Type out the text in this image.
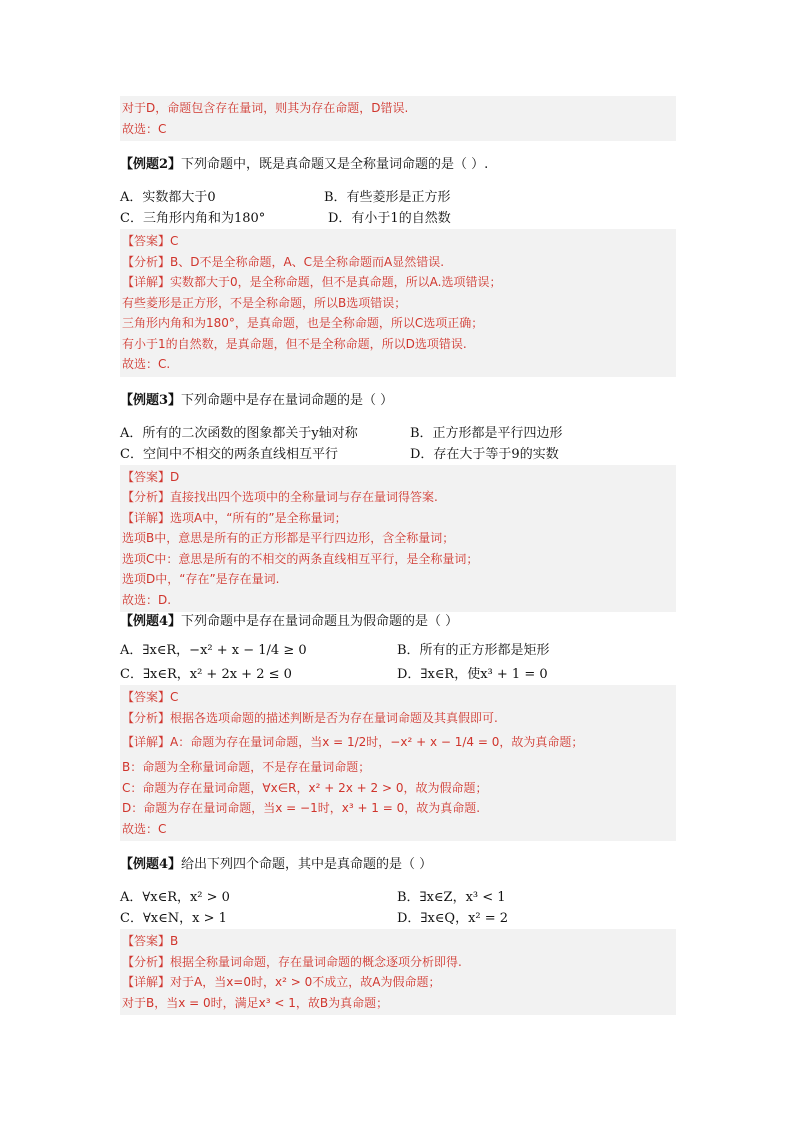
对于D，命题包含存在量词，则其为存在命题，D错误.
故选：C
【例题2】下列命题中，既是真命题又是全称量词命题的是（ ）.
A．实数都大于0	B．有些菱形是正方形
C．三角形内角和为180°	D．有小于1的自然数
【答案】C
【分析】B、D不是全称命题，A、C是全称命题而A显然错误.
【详解】实数都大于0，是全称命题，但不是真命题，所以A.选项错误；
有些菱形是正方形，不是全称命题，所以B选项错误；
三角形内角和为180°，是真命题，也是全称命题，所以C选项正确；
有小于1的自然数，是真命题，但不是全称命题，所以D选项错误.
故选：C.
【例题3】下列命题中是存在量词命题的是（ ）
A．所有的二次函数的图象都关于y轴对称	B．正方形都是平行四边形
C．空间中不相交的两条直线相互平行	D．存在大于等于9的实数
【答案】D
【分析】直接找出四个选项中的全称量词与存在量词得答案.
【详解】选项A中，“所有的”是全称量词；
选项B中，意思是所有的正方形都是平行四边形，含全称量词；
选项C中：意思是所有的不相交的两条直线相互平行，是全称量词；
选项D中，“存在”是存在量词.
故选：D.
【例题4】下列命题中是存在量词命题且为假命题的是（ ）
A．∃x∈R，−x² + x − 1/4 ≥ 0	B．所有的正方形都是矩形
C．∃x∈R，x² + 2x + 2 ≤ 0	D．∃x∈R，使x³ + 1 = 0
【答案】C
【分析】根据各选项命题的描述判断是否为存在量词命题及其真假即可.
【详解】A：命题为存在量词命题，当x = 1/2时，−x² + x − 1/4 = 0，故为真命题；
B：命题为全称量词命题，不是存在量词命题；
C：命题为存在量词命题，∀x∈R，x² + 2x + 2 > 0，故为假命题；
D：命题为存在量词命题，当x = −1时，x³ + 1 = 0，故为真命题.
故选：C
【例题4】给出下列四个命题，其中是真命题的是（ ）
A．∀x∈R，x² > 0	B．∃x∈Z，x³ < 1
C．∀x∈N，x > 1	D．∃x∈Q，x² = 2
【答案】B
【分析】根据全称量词命题，存在量词命题的概念逐项分析即得.
【详解】对于A，当x=0时，x² > 0不成立，故A为假命题；
对于B，当x = 0时，满足x³ < 1，故B为真命题；
